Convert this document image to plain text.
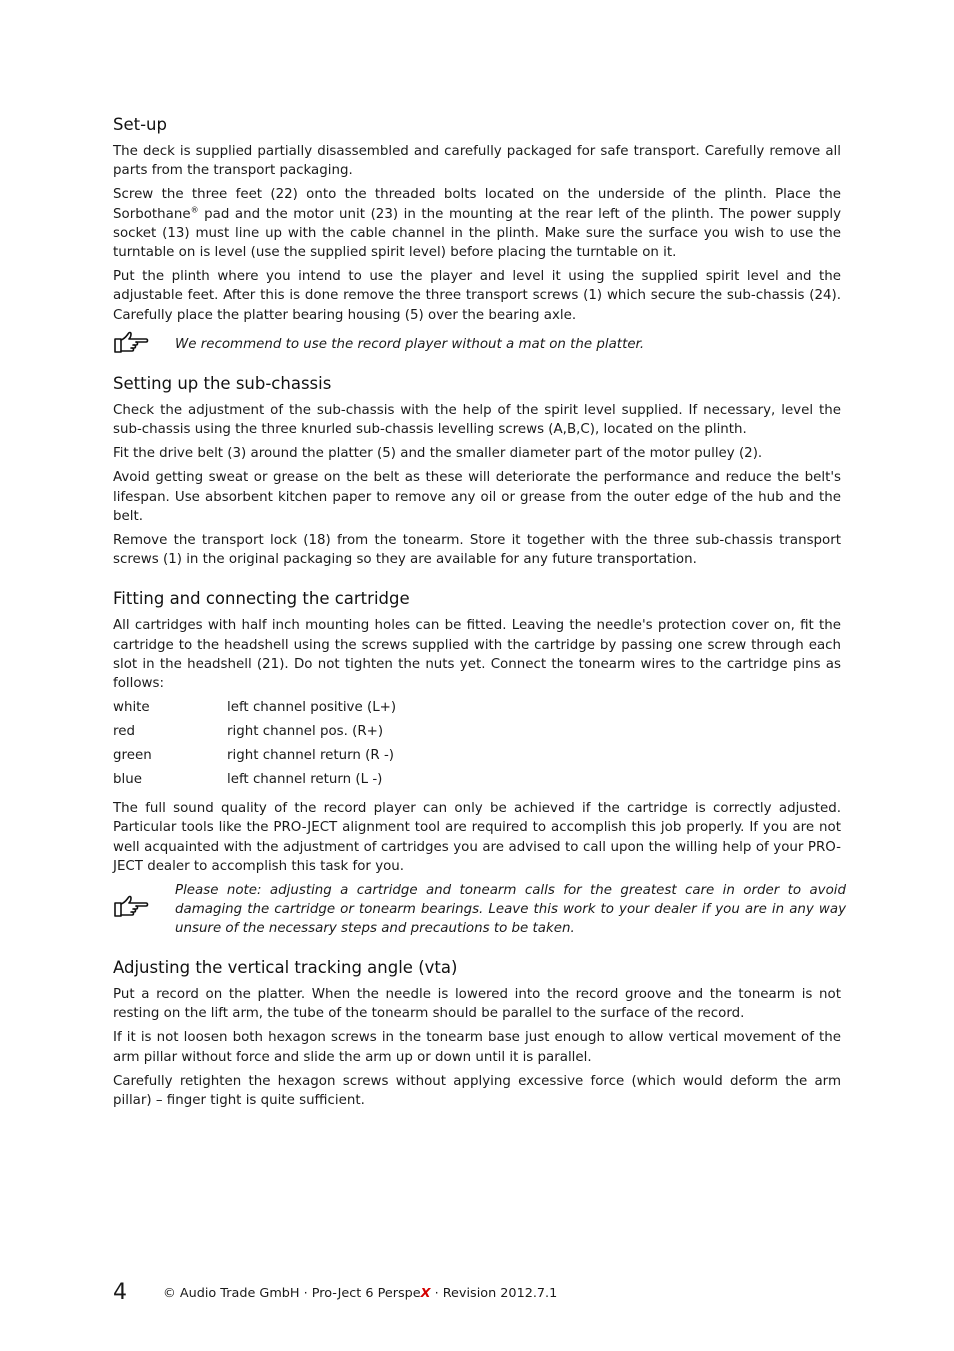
Set-up

The deck is supplied partially disassembled and carefully packaged for safe transport. Carefully remove all parts from the transport packaging.

Screw the three feet (22) onto the threaded bolts located on the underside of the plinth. Place the Sorbothane® pad and the motor unit (23) in the mounting at the rear left of the plinth. The power supply socket (13) must line up with the cable channel in the plinth. Make sure the surface you wish to use the turntable on is level (use the supplied spirit level) before placing the turntable on it.

Put the plinth where you intend to use the player and level it using the supplied spirit level and the adjustable feet. After this is done remove the three transport screws (1) which secure the sub-chassis (24). Carefully place the platter bearing housing (5) over the bearing axle.

We recommend to use the record player without a mat on the platter.
Setting up the sub-chassis

Check the adjustment of the sub-chassis with the help of the spirit level supplied. If necessary, level the sub-chassis using the three knurled sub-chassis levelling screws (A,B,C), located on the plinth.

Fit the drive belt (3) around the platter (5) and the smaller diameter part of the motor pulley (2).

Avoid getting sweat or grease on the belt as these will deteriorate the performance and reduce the belt's lifespan. Use absorbent kitchen paper to remove any oil or grease from the outer edge of the hub and the belt.

Remove the transport lock (18) from the tonearm. Store it together with the three sub-chassis transport screws (1) in the original packaging so they are available for any future transportation.

Fitting and connecting the cartridge

All cartridges with half inch mounting holes can be fitted. Leaving the needle's protection cover on, fit the cartridge to the headshell using the screws supplied with the cartridge by passing one screw through each slot in the headshell (21). Do not tighten the nuts yet. Connect the tonearm wires to the cartridge pins as follows:

white	left channel positive (L+)
red	right channel pos. (R+)
green	right channel return (R -)
blue	left channel return (L -)

The full sound quality of the record player can only be achieved if the cartridge is correctly adjusted. Particular tools like the PRO-JECT alignment tool are required to accomplish this job properly. If you are not well acquainted with the adjustment of cartridges you are advised to call upon the willing help of your PRO-JECT dealer to accomplish this task for you.

Please note: adjusting a cartridge and tonearm calls for the greatest care in order to avoid damaging the cartridge or tonearm bearings. Leave this work to your dealer if you are in any way unsure of the necessary steps and precautions to be taken.
Adjusting the vertical tracking angle (vta)

Put a record on the platter. When the needle is lowered into the record groove and the tonearm is not resting on the lift arm, the tube of the tonearm should be parallel to the surface of the record.

If it is not loosen both hexagon screws in the tonearm base just enough to allow vertical movement of the arm pillar without force and slide the arm up or down until it is parallel.

Carefully retighten the hexagon screws without applying excessive force (which would deform the arm pillar) – finger tight is quite sufficient.

4	© Audio Trade GmbH · Pro-Ject 6 PerspeX · Revision 2012.7.1
